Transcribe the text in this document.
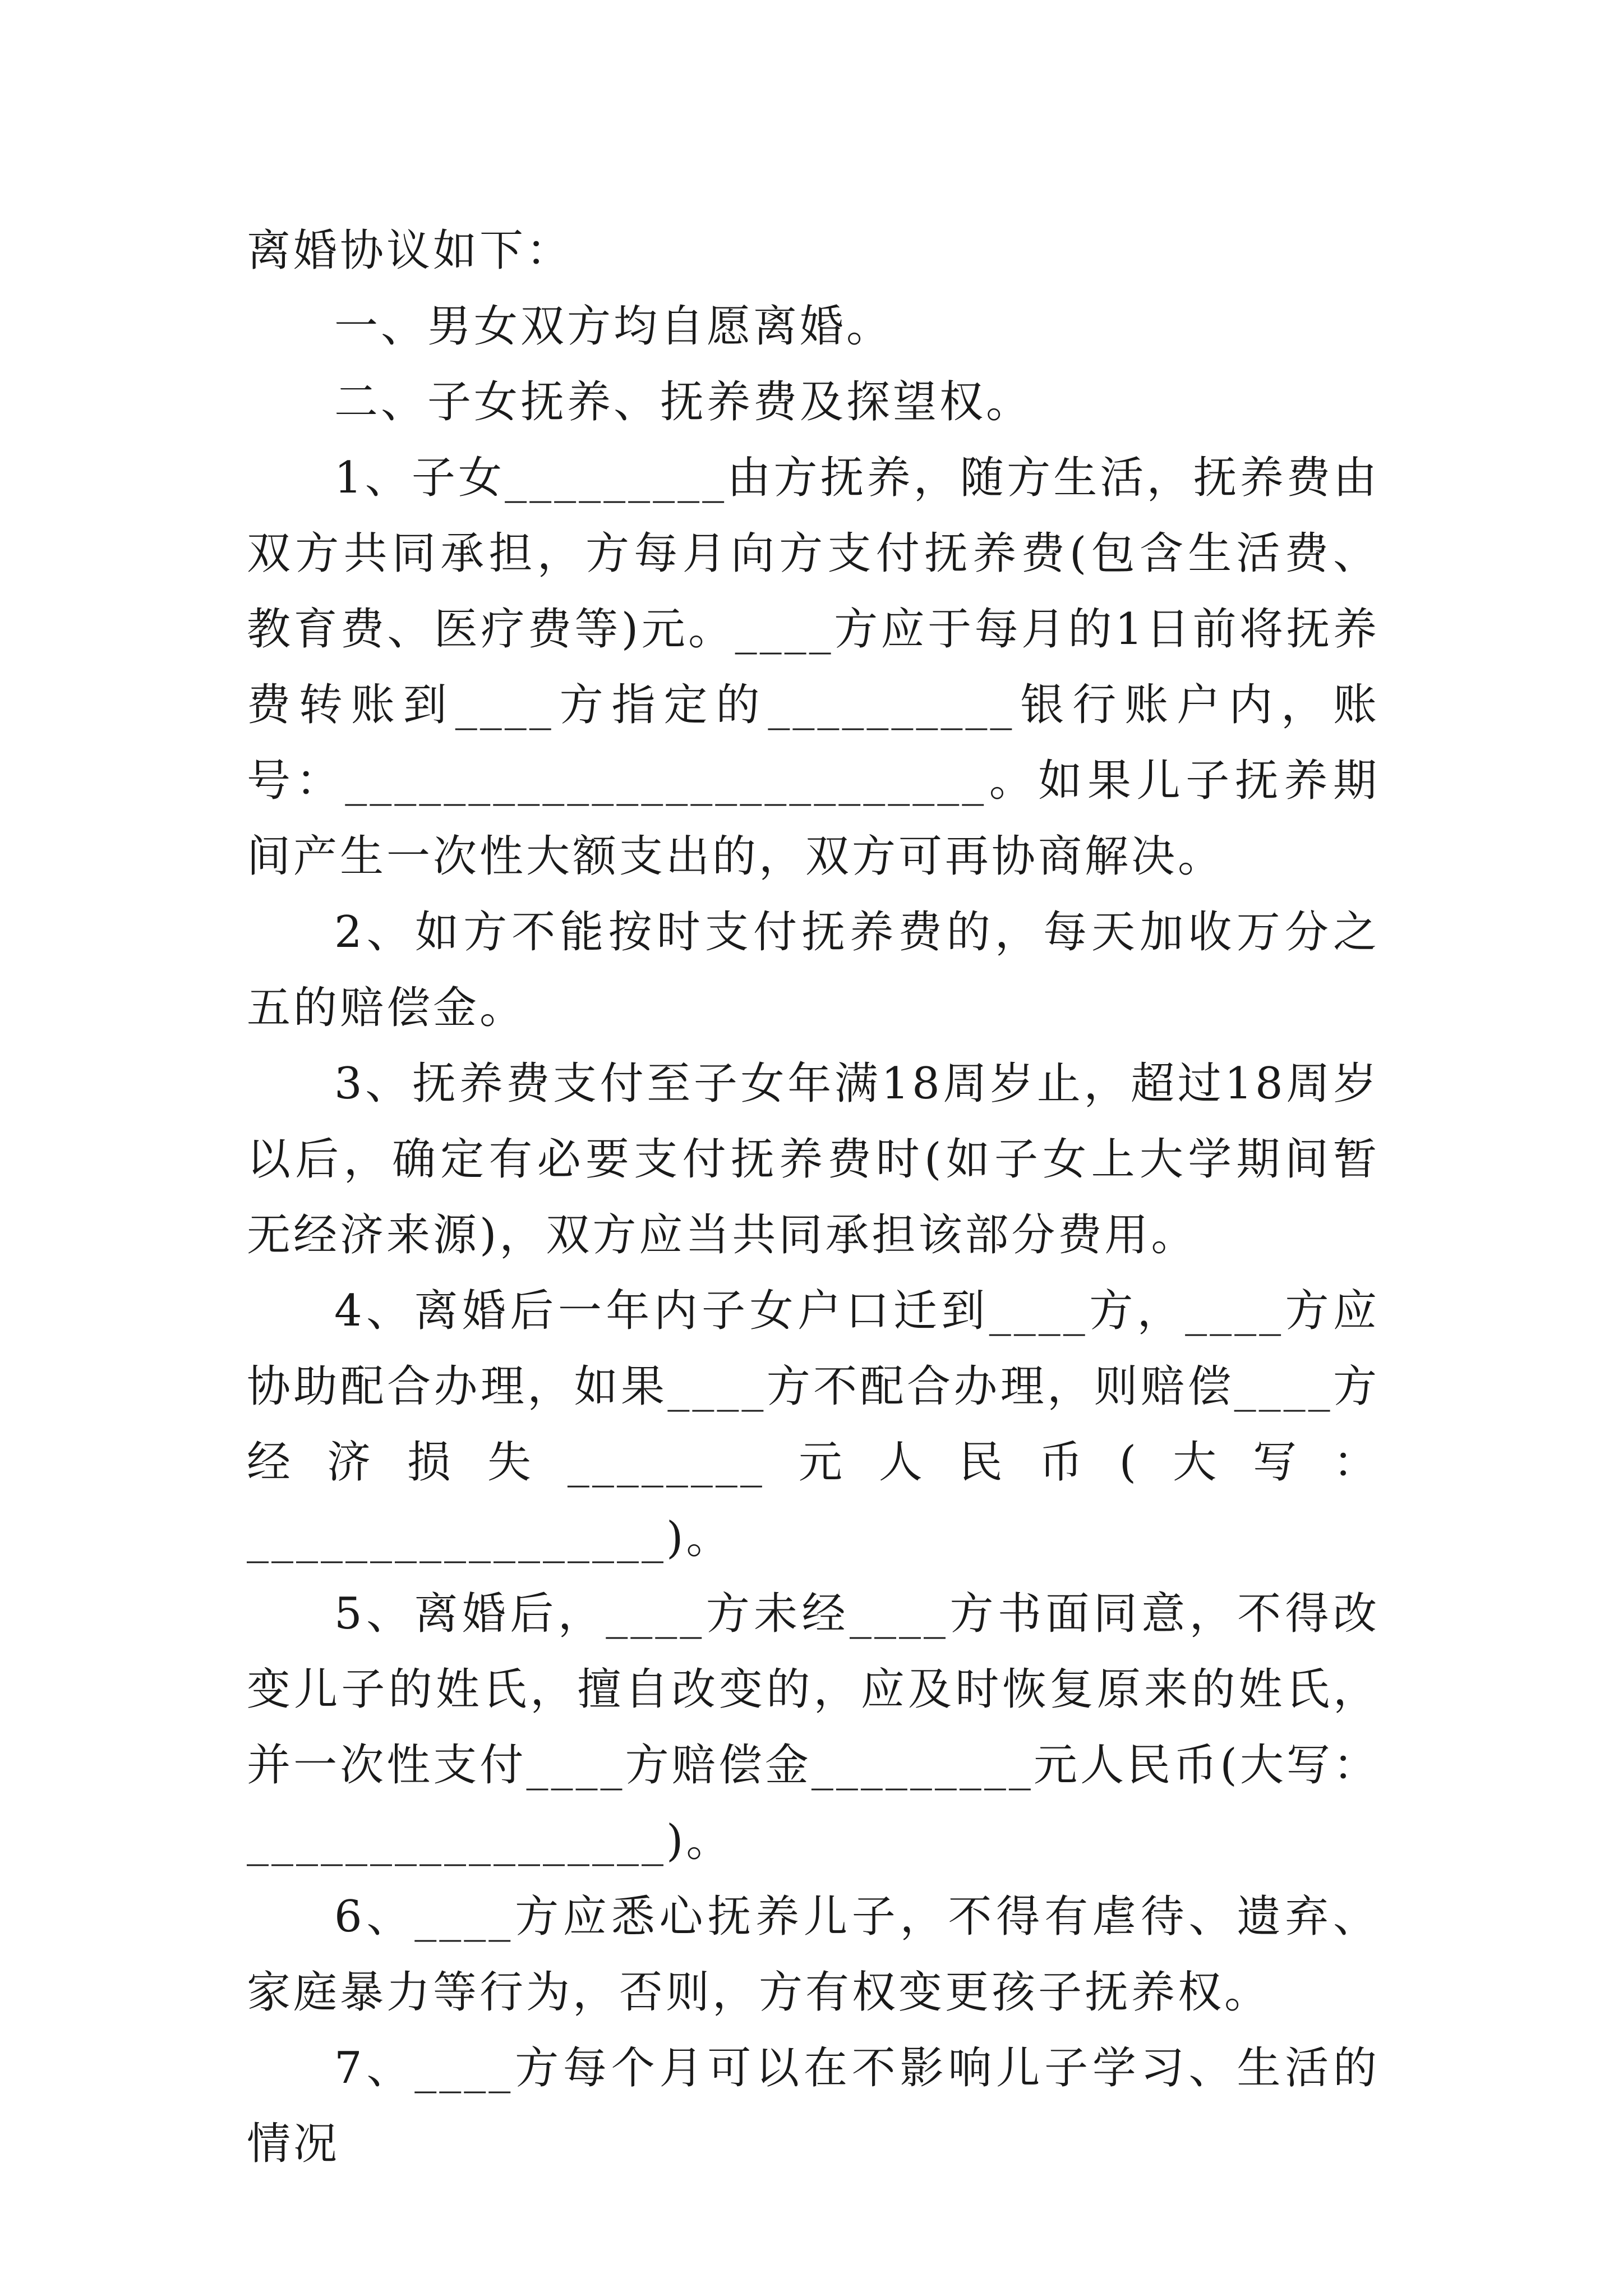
离婚协议如下：

一、男女双方均自愿离婚。

二、子女抚养、抚养费及探望权。

1、子女_________由方抚养，随方生活，抚养费由双方共同承担，方每月向方支付抚养费(包含生活费、教育费、医疗费等)元。____方应于每月的1日前将抚养费转账到____方指定的__________银行账户内，账号：__________________________。如果儿子抚养期间产生一次性大额支出的，双方可再协商解决。

2、如方不能按时支付抚养费的，每天加收万分之五的赔偿金。

3、抚养费支付至子女年满18周岁止，超过18周岁以后，确定有必要支付抚养费时(如子女上大学期间暂无经济来源)，双方应当共同承担该部分费用。

4、离婚后一年内子女户口迁到____方，____方应协助配合办理，如果____方不配合办理，则赔偿____方经济损失________元人民币(大写：_________________)。

5、离婚后，____方未经____方书面同意，不得改变儿子的姓氏，擅自改变的，应及时恢复原来的姓氏，并一次性支付____方赔偿金_________元人民币(大写：_________________)。

6、____方应悉心抚养儿子，不得有虐待、遗弃、家庭暴力等行为，否则，方有权变更孩子抚养权。

7、____方每个月可以在不影响儿子学习、生活的情况
